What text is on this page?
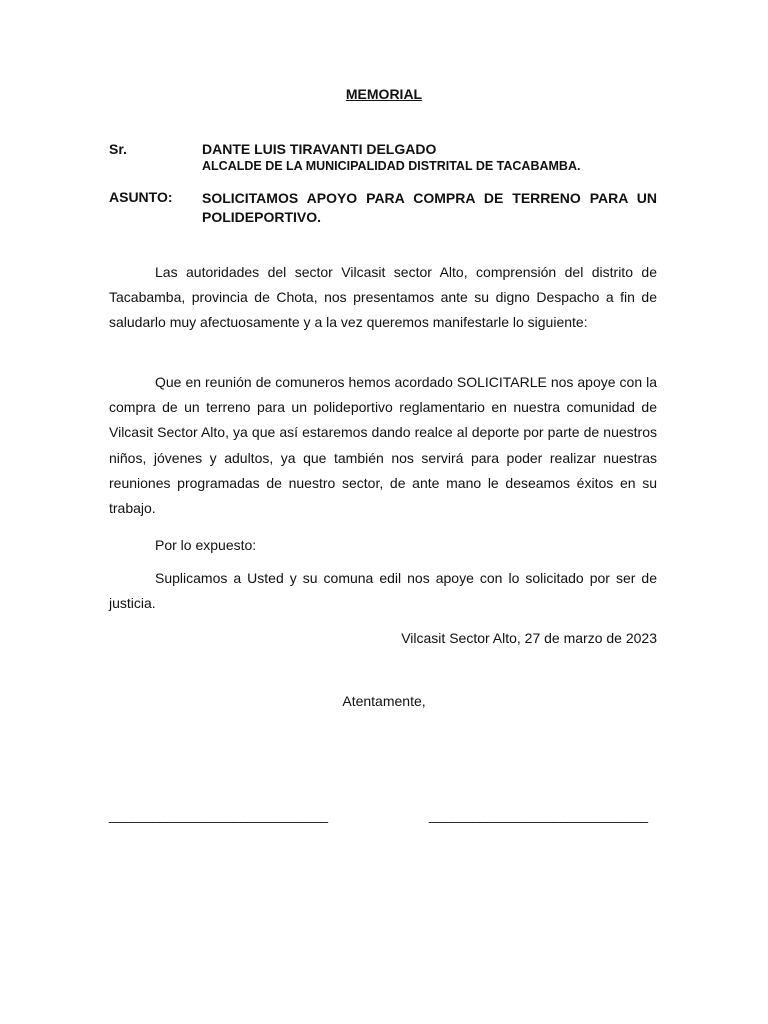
MEMORIAL
Sr.	DANTE LUIS TIRAVANTI DELGADO
ALCALDE DE LA MUNICIPALIDAD DISTRITAL DE TACABAMBA.
ASUNTO: SOLICITAMOS APOYO PARA COMPRA DE TERRENO PARA UN POLIDEPORTIVO.

Las autoridades del sector Vilcasit sector Alto, comprensión del distrito de Tacabamba, provincia de Chota, nos presentamos ante su digno Despacho a fin de saludarlo muy afectuosamente y a la vez queremos manifestarle lo siguiente:

Que en reunión de comuneros hemos acordado SOLICITARLE nos apoye con la compra de un terreno para un polideportivo reglamentario en nuestra comunidad de Vilcasit Sector Alto, ya que así estaremos dando realce al deporte por parte de nuestros niños, jóvenes y adultos, ya que también nos servirá para poder realizar nuestras reuniones programadas de nuestro sector, de ante mano le deseamos éxitos en su trabajo.

Por lo expuesto:

Suplicamos a Usted y su comuna edil nos apoye con lo solicitado por ser de justicia.

Vilcasit Sector Alto, 27 de marzo de 2023
Atentamente,
______________________________	______________________________
